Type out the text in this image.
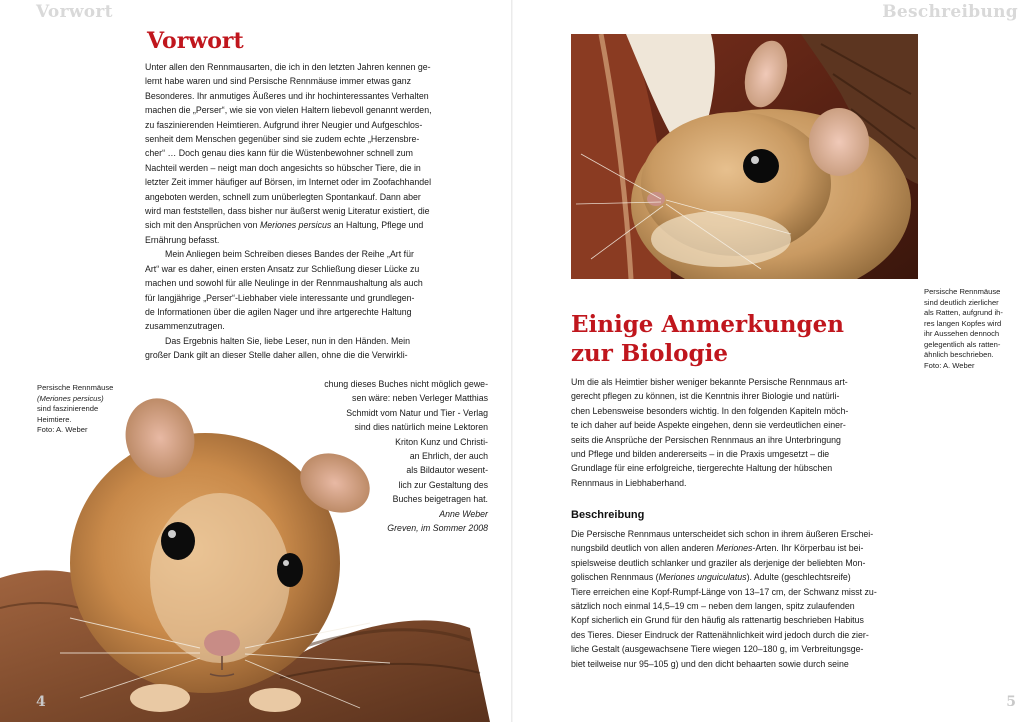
Vorwort
Vorwort

Unter allen den Rennmausarten, die ich in den letzten Jahren kennen ge-
lernt habe waren und sind Persische Rennmäuse immer etwas ganz
Besonderes. Ihr anmutiges Äußeres und ihr hochinteressantes Verhalten
machen die „Perser“, wie sie von vielen Haltern liebevoll genannt werden,
zu faszinierenden Heimtieren. Aufgrund ihrer Neugier und Aufgeschlos-
senheit dem Menschen gegenüber sind sie zudem echte „Herzensbre-
cher“ … Doch genau dies kann für die Wüstenbewohner schnell zum
Nachteil werden – neigt man doch angesichts so hübscher Tiere, die in
letzter Zeit immer häufiger auf Börsen, im Internet oder im Zoofachhandel
angeboten werden, schnell zum unüberlegten Spontankauf. Dann aber
wird man feststellen, dass bisher nur äußerst wenig Literatur existiert, die
sich mit den Ansprüchen von Meriones persicus an Haltung, Pflege und
Ernährung befasst.

Mein Anliegen beim Schreiben dieses Bandes der Reihe „Art für
Art“ war es daher, einen ersten Ansatz zur Schließung dieser Lücke zu
machen und sowohl für alle Neulinge in der Rennmaushaltung als auch
für langjährige „Perser“-Liebhaber viele interessante und grundlegen-
de Informationen über die agilen Nager und ihre artgerechte Haltung
zusammenzutragen.

Das Ergebnis halten Sie, liebe Leser, nun in den Händen. Mein
großer Dank gilt an dieser Stelle daher allen, ohne die die Verwirkli-

chung dieses Buches nicht möglich gewe-
sen wäre: neben Verleger Matthias
Schmidt vom Natur und Tier - Verlag
sind dies natürlich meine Lektoren
Kriton Kunz und Christi-
an Ehrlich, der auch
als Bildautor wesent-
lich zur Gestaltung des
Buches beigetragen hat.
Anne Weber
Greven, im Sommer 2008
Persische Rennmäuse
(Meriones persicus)
sind faszinierende
Heimtiere.
Foto: A. Weber
4
Beschreibung
Persische Rennmäuse
sind deutlich zierlicher
als Ratten, aufgrund ih-
res langen Kopfes wird
ihr Aussehen dennoch
gelegentlich als ratten-
ähnlich beschrieben.
Foto: A. Weber
Einige Anmerkungen
zur Biologie
Um die als Heimtier bisher weniger bekannte Persische Rennmaus art-
gerecht pflegen zu können, ist die Kenntnis ihrer Biologie und natürli-
chen Lebensweise besonders wichtig. In den folgenden Kapiteln möch-
te ich daher auf beide Aspekte eingehen, denn sie verdeutlichen einer-
seits die Ansprüche der Persischen Rennmaus an ihre Unterbringung
und Pflege und bilden andererseits – in die Praxis umgesetzt – die
Grundlage für eine erfolgreiche, tiergerechte Haltung der hübschen
Rennmaus in Liebhaberhand.
Beschreibung
Die Persische Rennmaus unterscheidet sich schon in ihrem äußeren Erschei-
nungsbild deutlich von allen anderen Meriones-Arten. Ihr Körperbau ist bei-
spielsweise deutlich schlanker und graziler als derjenige der beliebten Mon-
golischen Rennmaus (Meriones unguiculatus). Adulte (geschlechtsreife)
Tiere erreichen eine Kopf-Rumpf-Länge von 13–17 cm, der Schwanz misst zu-
sätzlich noch einmal 14,5–19 cm – neben dem langen, spitz zulaufenden
Kopf sicherlich ein Grund für den häufig als rattenartig beschrieben Habitus
des Tieres. Dieser Eindruck der Rattenähnlichkeit wird jedoch durch die zier-
liche Gestalt (ausgewachsene Tiere wiegen 120–180 g, im Verbreitungsge-
biet teilweise nur 95–105 g) und den dicht behaarten sowie durch seine
5
